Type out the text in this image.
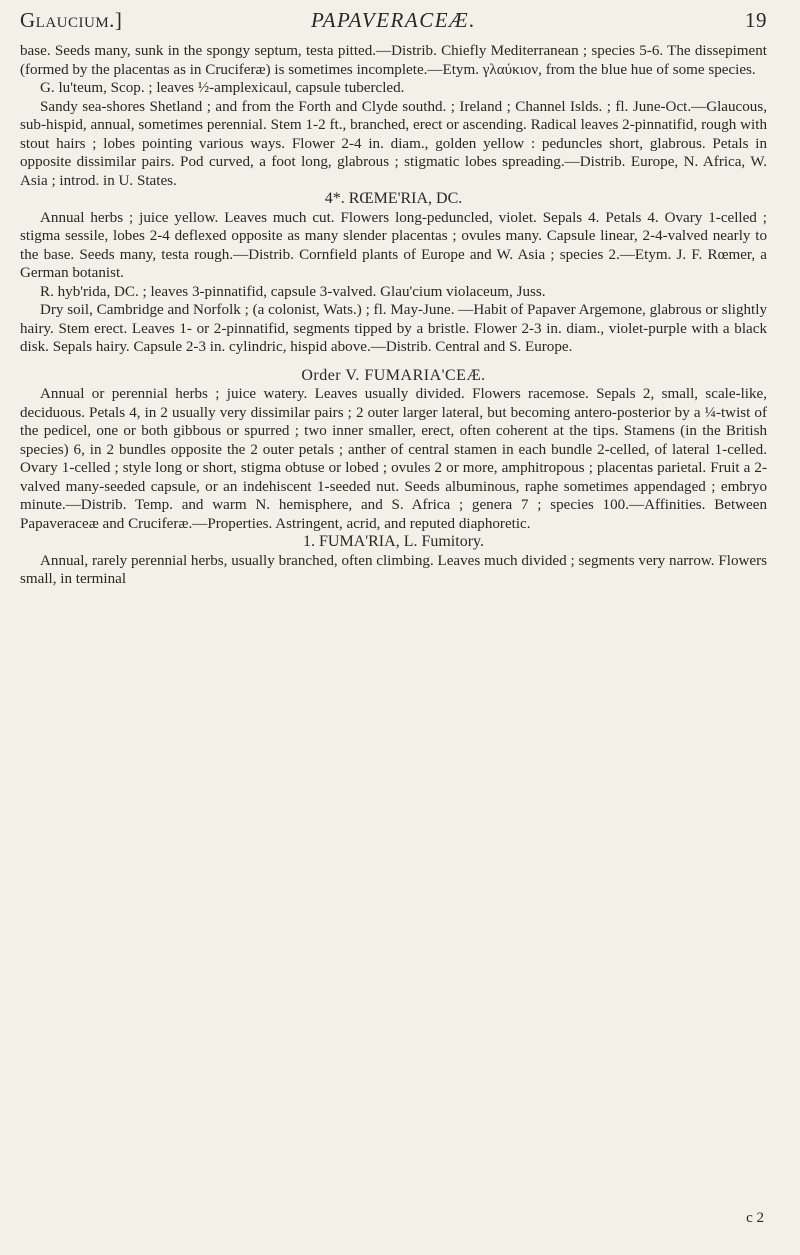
Glaucium.]	PAPAVERACEÆ.	19

base. Seeds many, sunk in the spongy septum, testa pitted.—Distrib. Chiefly Mediterranean ; species 5-6. The dissepiment (formed by the placentas as in Cruciferæ) is sometimes incomplete.—Etym. γλαύκιον, from the blue hue of some species.

G. lu'teum, Scop. ; leaves ½-amplexicaul, capsule tubercled.

Sandy sea-shores Shetland ; and from the Forth and Clyde southd. ; Ireland ; Channel Islds. ; fl. June-Oct.—Glaucous, sub-hispid, annual, sometimes perennial. Stem 1-2 ft., branched, erect or ascending. Radical leaves 2-pinnatifid, rough with stout hairs ; lobes pointing various ways. Flower 2-4 in. diam., golden yellow : peduncles short, glabrous. Petals in opposite dissimilar pairs. Pod curved, a foot long, glabrous ; stigmatic lobes spreading.—Distrib. Europe, N. Africa, W. Asia ; introd. in U. States.

4*. RŒME'RIA, DC.

Annual herbs ; juice yellow. Leaves much cut. Flowers long-peduncled, violet. Sepals 4. Petals 4. Ovary 1-celled ; stigma sessile, lobes 2-4 deflexed opposite as many slender placentas ; ovules many. Capsule linear, 2-4-valved nearly to the base. Seeds many, testa rough.—Distrib. Cornfield plants of Europe and W. Asia ; species 2.—Etym. J. F. Rœmer, a German botanist.

R. hyb'rida, DC. ; leaves 3-pinnatifid, capsule 3-valved. Glau'cium violaceum, Juss.

Dry soil, Cambridge and Norfolk ; (a colonist, Wats.) ; fl. May-June. —Habit of Papaver Argemone, glabrous or slightly hairy. Stem erect. Leaves 1- or 2-pinnatifid, segments tipped by a bristle. Flower 2-3 in. diam., violet-purple with a black disk. Sepals hairy. Capsule 2-3 in. cylindric, hispid above.—Distrib. Central and S. Europe.

Order V. FUMARIA'CEÆ.

Annual or perennial herbs ; juice watery. Leaves usually divided. Flowers racemose. Sepals 2, small, scale-like, deciduous. Petals 4, in 2 usually very dissimilar pairs ; 2 outer larger lateral, but becoming antero-posterior by a ¼-twist of the pedicel, one or both gibbous or spurred ; two inner smaller, erect, often coherent at the tips. Stamens (in the British species) 6, in 2 bundles opposite the 2 outer petals ; anther of central stamen in each bundle 2-celled, of lateral 1-celled. Ovary 1-celled ; style long or short, stigma obtuse or lobed ; ovules 2 or more, amphitropous ; placentas parietal. Fruit a 2-valved many-seeded capsule, or an indehiscent 1-seeded nut. Seeds albuminous, raphe sometimes appendaged ; embryo minute.—Distrib. Temp. and warm N. hemisphere, and S. Africa ; genera 7 ; species 100.—Affinities. Between Papaveraceæ and Cruciferæ.—Properties. Astringent, acrid, and reputed diaphoretic.

1. FUMA'RIA, L. Fumitory.

Annual, rarely perennial herbs, usually branched, often climbing. Leaves much divided ; segments very narrow. Flowers small, in terminal

c 2
